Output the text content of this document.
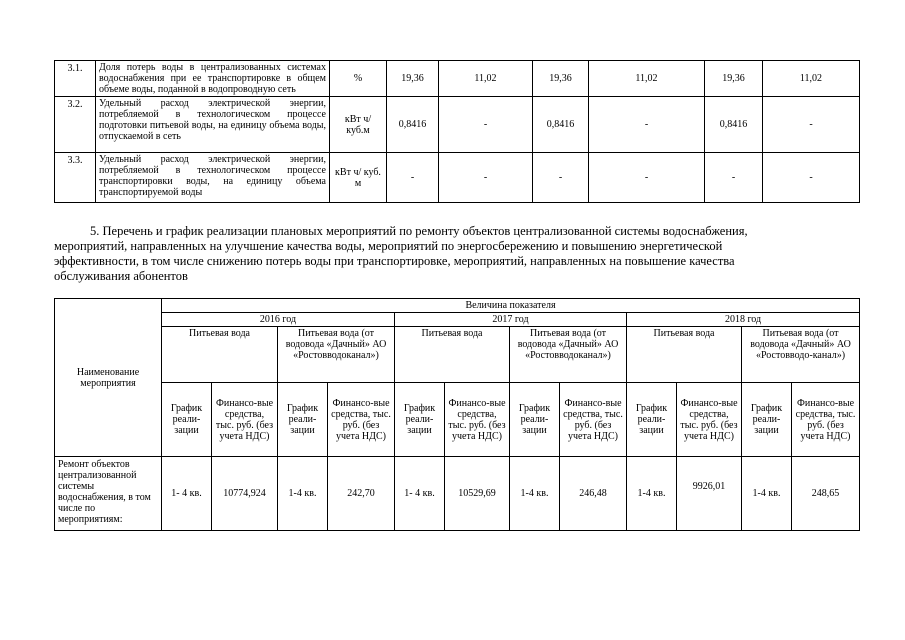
3.1.	Доля потерь воды в централизованных системах водоснабжения при ее транспортировке в общем объеме воды, поданной в водопроводную сеть	%	19,36	11,02	19,36	11,02	19,36	11,02
3.2.	Удельный расход электрической энергии, потребляемой в технологическом процессе подготовки питьевой воды, на единицу объема воды, отпускаемой в сеть	кВт ч/ куб.м	0,8416	-	0,8416	-	0,8416	-
3.3.	Удельный расход электрической энергии, потребляемой в технологическом процессе транспортировки воды, на единицу объема транспортируемой воды	кВт ч/ куб. м	-	-	-	-	-	-
5. Перечень и график реализации плановых мероприятий по ремонту объектов централизованной системы водоснабжения,
мероприятий, направленных на улучшение качества воды, мероприятий по энергосбережению и повышению энергетической
эффективности, в том числе снижению потерь воды при транспортировке, мероприятий, направленных на повышение качества
обслуживания абонентов
Наименование мероприятия	Величина показателя											
	2016 год				2017 год				2018 год			
	Питьевая вода		Питьевая вода (от водовода «Дачный» АО «Ростовводоканал»)		Питьевая вода		Питьевая вода (от водовода «Дачный» АО «Ростовводоканал»)		Питьевая вода		Питьевая вода (от водовода «Дачный» АО «Ростовводо-канал»)	
	График реали-зации	Финансо-вые средства, тыс. руб. (без учета НДС)	График реали-зации	Финансо-вые средства, тыс. руб. (без учета НДС)	График реали-зации	Финансо-вые средства, тыс. руб. (без учета НДС)	График реали-зации	Финансо-вые средства, тыс. руб. (без учета НДС)	График реали-зации	Финансо-вые средства, тыс. руб. (без учета НДС)	График реали-зации	Финансо-вые средства, тыс. руб. (без учета НДС)
Ремонт объектов централизованной системы водоснабжения, в том числе по мероприятиям:	1- 4 кв.	10774,924	1-4 кв.	242,70	1- 4 кв.	10529,69	1-4 кв.	246,48	1-4 кв.	9926,01	1-4 кв.	248,65
